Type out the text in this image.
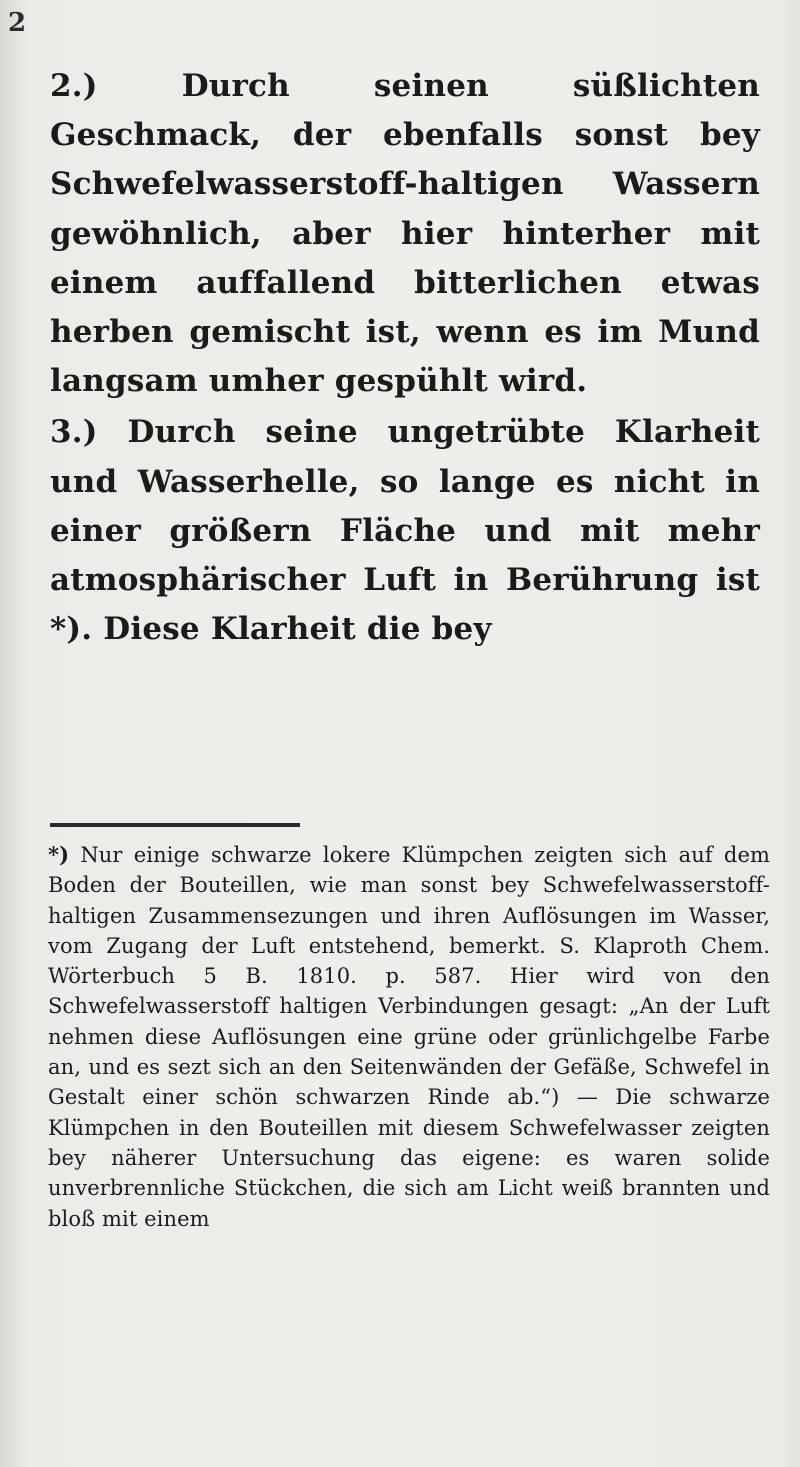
2

2.)	Durch seinen süßlichten Geschmack, der ebenfalls sonst bey Schwefelwasserstoff-haltigen Wassern gewöhnlich, aber hier hinterher mit einem auffallend bitterlichen etwas herben gemischt ist, wenn es im Mund langsam umher gespühlt wird.

3.) Durch seine ungetrübte Klarheit und Wasserhelle, so lange es nicht in einer größern Fläche und mit mehr atmosphärischer Luft in Berührung ist *). Diese Klarheit die bey

*) Nur einige schwarze lokere Klümpchen zeigten sich auf dem Boden der Bouteillen, wie man sonst bey Schwefelwasserstoff-haltigen Zusammensezungen und ihren Auflösungen im Wasser, vom Zugang der Luft entstehend, bemerkt. S. Klaproth Chem. Wörterbuch 5 B. 1810. p. 587. Hier wird von den Schwefelwasserstoff haltigen Verbindungen gesagt: „An der Luft nehmen diese Auflösungen eine grüne oder grünlichgelbe Farbe an, und es sezt sich an den Seitenwänden der Gefäße, Schwefel in Gestalt einer schön schwarzen Rinde ab.“) — Die schwarze Klümpchen in den Bouteillen mit diesem Schwefelwasser zeigten bey näherer Untersuchung das eigene: es waren solide unverbrennliche Stückchen, die sich am Licht weiß brannten und bloß mit einem
